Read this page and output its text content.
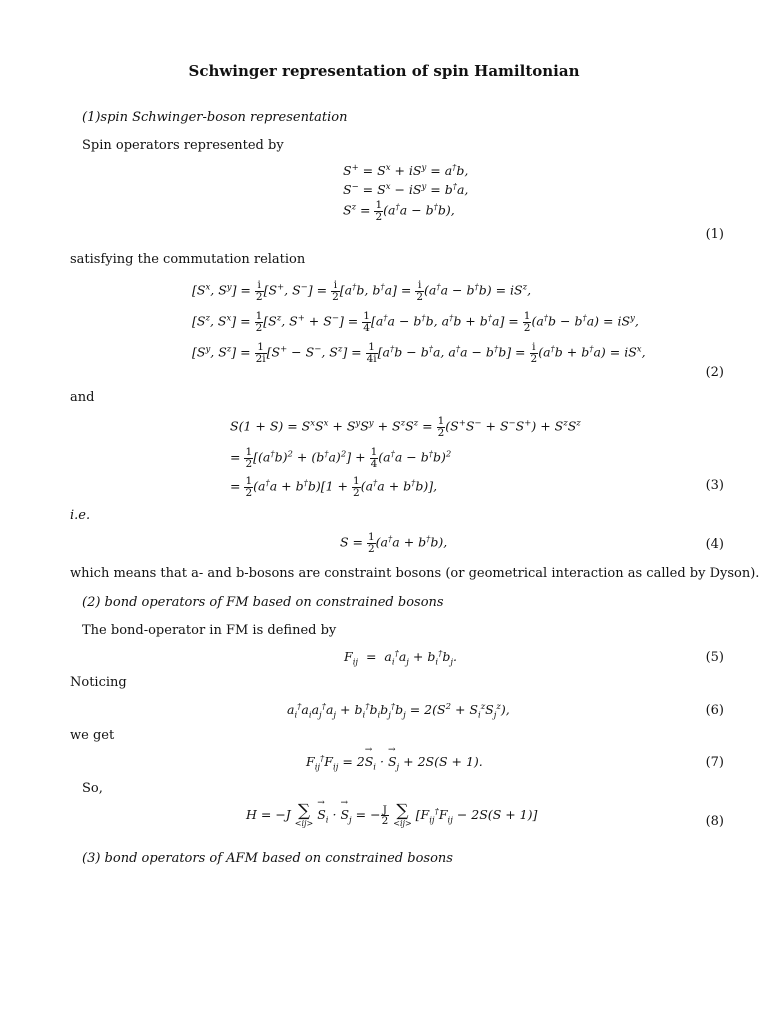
Schwinger representation of spin Hamiltonian
(1)spin Schwinger-boson representation
Spin operators represented by
$S^+ = S^x + iS^y = a^\dagger b$,
$S^- = S^x - iS^y = b^\dagger a$,
$S^z = \frac{1}{2} (a^\dagger a - b^\dagger b)$,
(1)
satisfying the commutation relation
[$S^x$, $S^y] = \frac{i}{2} [S^+$, $S^-] = \frac{i}{2} [a^\dagger b$, $b^\dagger a] = \frac{i}{2} (a^\dagger a - b^\dagger b) = iS^z$,
[$S^z$, $S^x] = \frac{1}{2} [S^z$, $S^+ + S^-] = \frac{1}{4} [a^\dagger a - b^\dagger b$, $a^\dagger b + b^\dagger a] = \frac{1}{2} (a^\dagger b - b^\dagger a) = iS^y$,
[$S^y$, $S^z] = \frac{1}{2i} [S^+ - S^-$, $S^z] = \frac{1}{4i} [a^\dagger b - b^\dagger a$, $a^\dagger a - b^\dagger b] = \frac{i}{2} (a^\dagger b + b^\dagger a) = iS^x$,
(2)
and
$S(1 + S) = S^xS^x + S^yS^y + S^zS^z = \frac{1}{2} (S^+S^- + S^-S^+) + S^zS^z$
= $\frac{1}{2} [(a^\dagger b)^2 + (b^\dagger a)^2] + \frac{1}{4} (a^\dagger a - b^\dagger b)^2$
= $\frac{1}{2} (a^\dagger a + b^\dagger b)[1 + \frac{1}{2} (a^\dagger a + b^\dagger b)]$,	(3)
i.e.
$S = \frac{1}{2} (a^\dagger a + b^\dagger b)$,	(4)
which means that a- and b-bosons are constraint bosons (or geometrical interaction as called by Dyson).
(2) bond operators of FM based on constrained bosons
The bond-operator in FM is defined by
$F_{ij} = a_i^\dagger a_j + b_i^\dagger b_j$.	(5)
Noticing
$a_i^\dagger a_ia_j^\dagger a_j + b_i^\dagger b_ib_j^\dagger b_j = 2(S^2 + S_i^zS_j^z)$,	(6)
we get
$F_{ij}^\dagger F_{ij} = 2\to S_i$ · → $S_j + 2S(S + 1)$.	(7)
So,
H = −J ∑
<ij>
→ $S_i$ · → $S_j$ = − $\frac{J}{2}$
∑
<ij>
$[F_{ij}^\dagger F_{ij} - 2S(S + 1)]$	(8)
(3) bond operators of AFM based on constrained bosons
